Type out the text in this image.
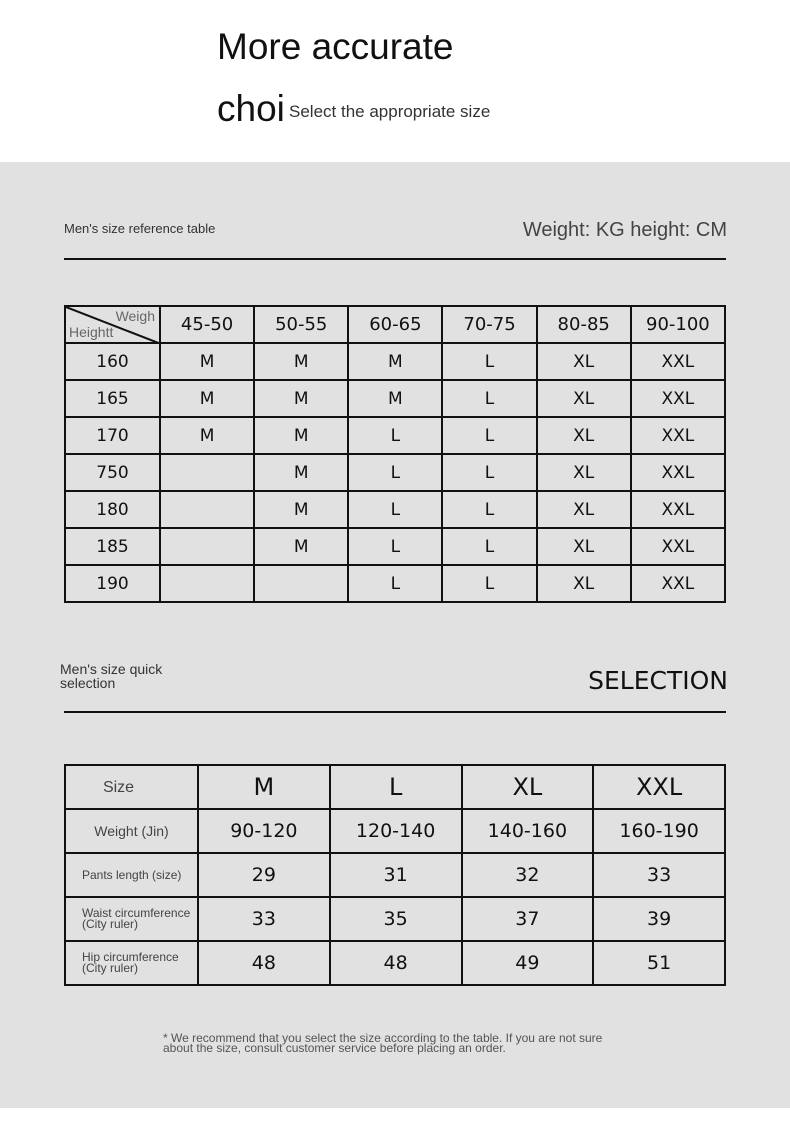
More accurate
choi Select the appropriate size
Men's size reference table	Weight: KG height: CM
Weigh
Heightt	45-50	50-55	60-65	70-75	80-85	90-100
160	M	M	M	L	XL	XXL
165	M	M	M	L	XL	XXL
170	M	M	L	L	XL	XXL
750		M	L	L	XL	XXL
180		M	L	L	XL	XXL
185		M	L	L	XL	XXL
190			L	L	XL	XXL
Men's size quick
selection	SELECTION
Size	M	L	XL	XXL
Weight (Jin)	90-120	120-140	140-160	160-190
Pants length (size)	29	31	32	33
Waist circumference (City ruler)	33	35	37	39
Hip circumference (City ruler)	48	48	49	51
* We recommend that you select the size according to the table. If you are not sure about the size, consult customer service before placing an order.
